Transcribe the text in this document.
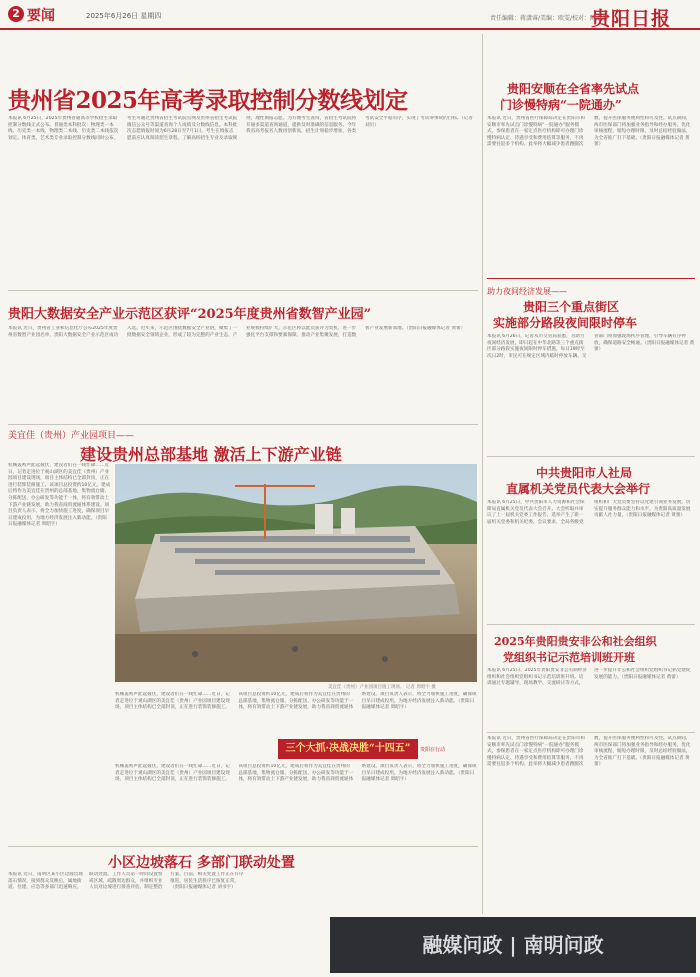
2 要闻	2025年6月26日 星期四	责任编辑：蒋潇睿/美编：欧雯/校对：陈淑静
贵阳日报
贵州省2025年高考录取控制分数线划定
本报讯 6月25日，2025年贵州普通高等学校招生录取控制分数线正式公布。普通类本科批次：物理类一本线、历史类一本线、物理类二本线、历史类二本线依次划定。体育类、艺术类专业录取控制分数线同时公布。考生可通过贵州省招生考试院官网及贵州省招生考试院微信公众号等渠道查询个人成绩及分数线信息。本科批次志愿填报时间为6月28日至7月1日。考生在填报志愿前应认真阅读招生章程，了解高校招生专业及录取规则，理性填报志愿。为方便考生查询，省招生考试院将开通多渠道查询通道，提供及时准确的信息服务。今年我省高考报名人数再创新高，招生计划稳步增加，各类考试安全平稳有序，实现了考试零事故的目标。（记者 刘贝）
贵阳大数据安全产业示范区获评“2025年度贵州省数智产业园”
本报讯 近日，贵州省工业和信息化厅公布2025年度贵州省数智产业园名单，贵阳大数据安全产业示范区成功入选。近年来，示范区围绕数据安全产业链，聚集了一批数据安全领域企业，形成了较为完整的产业生态，产业规模持续扩大。示范区将以此次获评为契机，进一步强化平台支撑和要素保障，推动产业集聚发展，打造数智产业发展新高地。（贵阳日报融媒体记者 黄蕾）
美宜佳（贵州）产业园项目——
建设贵州总部基地 激活上下游产业链
机械轰鸣声此起彼伏，建设者们在一线忙碌……近日，记者走进位于观山湖区的美宜佳（贵州）产业园项目建设现场，项目主体结构已全部封顶，正在进行装饰装修施工。该项目总投资约10亿元，建成后将作为美宜佳在贵州的总部基地，集物流仓储、分拣配送、办公研发等功能于一体，将有效带动上下游产业链发展，助力我省商贸流通体系建设。项目负责人表示，将全力加快施工进度，确保项目早日建成投用，为地方经济发展注入新动能。（贵阳日报融媒体记者 周昭宇）
美宜佳（贵州）产业园项目施工现场。 记者 周昭宇 摄
机械轰鸣声此起彼伏，建设者们在一线忙碌……近日，记者走进位于观山湖区的美宜佳（贵州）产业园项目建设现场，项目主体结构已全部封顶，正在进行装饰装修施工。该项目总投资约10亿元，建成后将作为美宜佳在贵州的总部基地，集物流仓储、分拣配送、办公研发等功能于一体，将有效带动上下游产业链发展，助力我省商贸流通体系建设。项目负责人表示，将全力加快施工进度，确保项目早日建成投用，为地方经济发展注入新动能。（贵阳日报融媒体记者 周昭宇）
三个大抓·决战决胜“十四五”	贵阳在行动
机械轰鸣声此起彼伏，建设者们在一线忙碌……近日，记者走进位于观山湖区的美宜佳（贵州）产业园项目建设现场，项目主体结构已全部封顶，正在进行装饰装修施工。该项目总投资约10亿元，建成后将作为美宜佳在贵州的总部基地，集物流仓储、分拣配送、办公研发等功能于一体，将有效带动上下游产业链发展，助力我省商贸流通体系建设。项目负责人表示，将全力加快施工进度，确保项目早日建成投用，为地方经济发展注入新动能。（贵阳日报融媒体记者 周昭宇）
小区边坡落石 多部门联动处置
本报讯 近日，南明区某小区边坡出现落石情况，接到群众反映后，属地街道、住建、应急等多部门迅速响应，联动处置。工作人员第一时间设置警戒区域，疏散周边群众，并组织专业人员对边坡进行排查评估，制定整治方案。目前，相关处置工作正在有序推进，居民生活秩序已恢复正常。（贵阳日报融媒体记者 刘书宇）
贵阳安顺在全省率先试点
门诊慢特病“一院通办”
本报讯 近日，贵州省医疗保障局决定在贵阳市和安顺市率先试点门诊慢特病“一院通办”服务模式，参保患者在一家定点医疗机构即可办理门诊慢特病认定、待遇享受和费用结算等服务，不再需要往返多个机构。此举将大幅减少患者跑腿次数，提升医保服务便利性和可及性。试点期间，两市医保部门将加强业务指导和经办服务，优化审核流程，缩短办理时限，及时总结经验做法，为全省推广打下基础。（贵阳日报融媒体记者 黄蕾）
助力夜间经济发展——
贵阳三个重点街区
实施部分路段夜间限时停车
本报讯 6月26日，记者从市交管局获悉，为助力夜间经济发展，即日起在中华北路等三个重点街区部分路段实施夜间限时停车措施。每日19时至次日2时，市民可在规定区域内临时停放车辆。交管部门将加强现场秩序管理，引导车辆有序停放，确保道路安全畅通。（贵阳日报融媒体记者 黄蕾）
中共贵阳市人社局
直属机关党员代表大会举行
本报讯 6月25日，中共贵阳市人力资源和社会保障局直属机关党员代表大会召开。大会听取并审议了上一届机关党委工作报告，选举产生了新一届机关党委和机关纪委。会议要求，全局各级党组织和广大党员要坚持以党建引领业务发展，切实提升服务群众能力和水平，为贵阳高质量发展贡献人社力量。（贵阳日报融媒体记者 黄蕾）
2025年贵阳贵安非公和社会组织
党组织书记示范培训班开班
本报讯 6月25日，2025年贵阳贵安非公有制经济组织和社会组织党组织书记示范培训班开班。培训通过专题辅导、现场教学、交流研讨等方式，进一步提升非公和社会组织党组织书记抓党建促发展的能力。（贵阳日报融媒体记者 黄蕾）
本报讯 近日，贵州省医疗保障局决定在贵阳市和安顺市率先试点门诊慢特病“一院通办”服务模式，参保患者在一家定点医疗机构即可办理门诊慢特病认定、待遇享受和费用结算等服务，不再需要往返多个机构。此举将大幅减少患者跑腿次数，提升医保服务便利性和可及性。试点期间，两市医保部门将加强业务指导和经办服务，优化审核流程，缩短办理时限，及时总结经验做法，为全省推广打下基础。（贵阳日报融媒体记者 黄蕾）
融媒问政 | 南明问政
